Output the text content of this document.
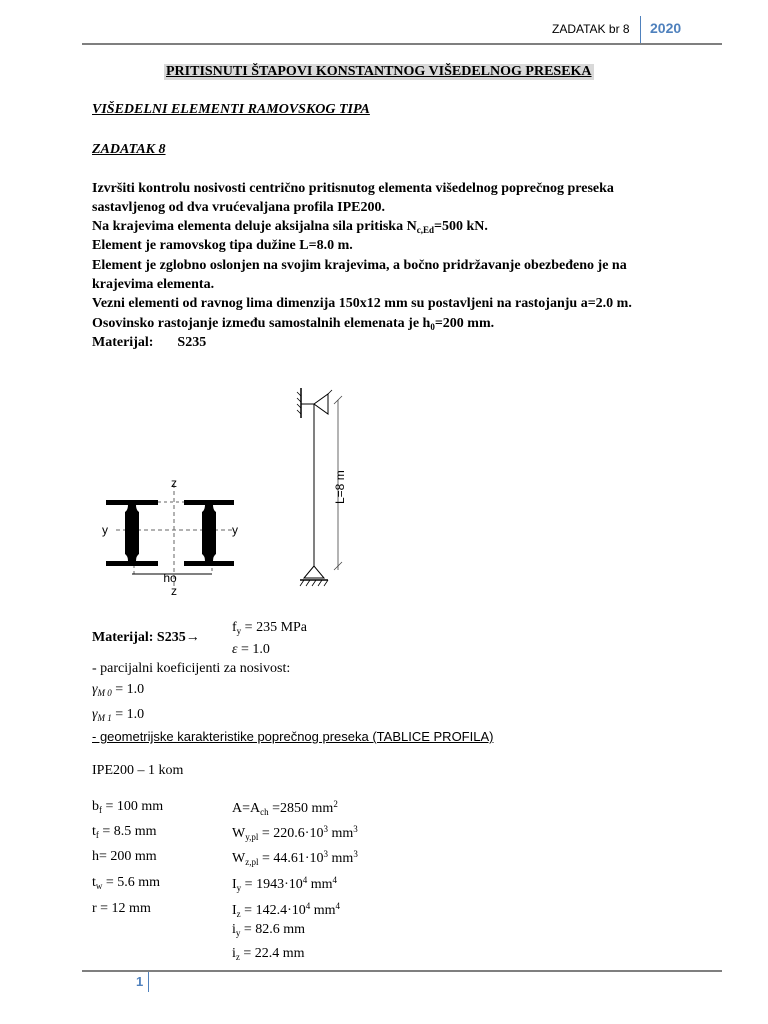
ZADATAK br 8 2020
PRITISNUTI ŠTAPOVI KONSTANTNOG VIŠEDELNOG PRESEKA
VIŠEDELNI ELEMENTI RAMOVSKOG TIPA
ZADATAK 8
Izvršiti kontrolu nosivosti centrično pritisnutog elementa višedelnog poprečnog preseka
sastavljenog od dva vrućevaljana profila IPE200.
Na krajevima elementa deluje aksijalna sila pritiska $N_{c,Ed}=500$ kN.
Element je ramovskog tipa dužine L=8.0 m.
Element je zglobno oslonjen na svojim krajevima, a bočno pridržavanje obezbeđeno je na
krajevima elementa.
Vezni elementi od ravnog lima dimenzija 150x12 mm su postavljeni na rastojanju a=2.0 m.
Osovinsko rastojanje između samostalnih elemenata je $h_0=200$ mm.
Materijal: S235
z
z
y	y
ho
L=8 m
Materijal: S235→
$f_y = 235$ MPa
ε = 1.0
- parcijalni koeficijenti za nosivost:
$\gamma_{M 0} = 1.0$
$\gamma_{M 1} = 1.0$
- geometrijske karakteristike poprečnog preseka (TABLICE PROFILA)
IPE200 – 1 kom
$b_f = 100$ mm
$t_f = 8.5$ mm
h= 200 mm
$t_w = 5.6$ mm
r = 12 mm
$A=A_{ch} =2850$ $mm^2$
$W_{y,pl} = 220.6\cdot 10^3$ $mm^3$
$W_{z,pl} = 44.61\cdot 10^3$ $mm^3$
$I_y = 1943\cdot 10^4$ $mm^4$
$I_z = 142.4\cdot 10^4$ $mm^4$
$i_y = 82.6$ mm
$i_z = 22.4$ mm
1
